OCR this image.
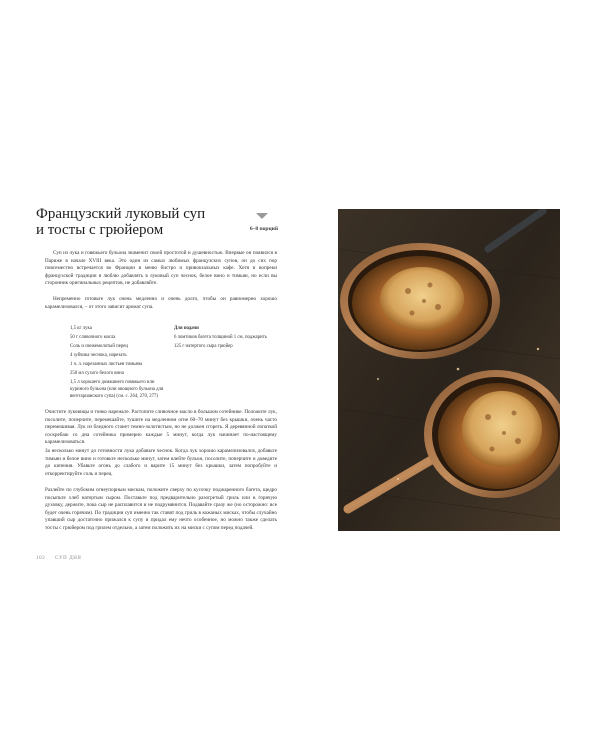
Французский луковый суп
и тосты с грюйером	6–8 порций

Суп из лука и говяжьего бульона знаменит своей простотой и душевностью. Впервые он появился в Париже в начале XVIII века. Это один из самых любимых французских супов, он до сих пор повсеместно встречается во Франции в меню бистро и привокзальных кафе. Хотя и вопреки французской традиции я люблю добавлять в луковый суп чеснок, белое вино и тимьян, но если вы сторонник оригинальных рецептов, не добавляйте.

Непременно готовьте лук очень медленно и очень долго, чтобы он равномерно хорошо карамелизовался, – от этого зависит аромат супа.

1,5 кг лука
50 г сливочного масла
Соль и свежемолотый перец
4 зубчика чеснока, нарезать
1 ч. л. нарезанных листьев тимьяна
250 мл сухого белого вина
1,5 л хорошего домашнего говяжьего или куриного бульона (или овощного бульона для вегетарианского супа) (см. с. 264, 270, 277)
Для подачи
6 ломтиков багета толщиной 1 см, поджарить
125 г натертого сыра грюйер

Очистите луковицы и тонко нарежьте. Растопите сливочное масло в большом сотейнике. Положите лук, посолите, поперчите, перемешайте, тушите на медленном огне 60–70 минут без крышки, очень часто перемешивая. Лук из бледного станет темно-золотистым, но не должен сгореть. Я деревянной лопаткой соскребаю со дна сотейника примерно каждые 5 минут, когда лук начинает по-настоящему карамелизоваться.

За несколько минут до готовности лука добавьте чеснок. Когда лук хорошо карамелизовался, добавьте тимьян и белое вино и готовьте несколько минут, затем влейте бульон, посолите, поперчите и доведите до кипения. Убавьте огонь до слабого и варите 15 минут без крышки, затем попробуйте и откорректируйте соль и перец.

Разлейте по глубоким огнеупорным мискам, положите сверху по кусочку поджаренного багета, щедро посыпьте хлеб натертым сыром. Поставьте под предварительно разогретый гриль или в горячую духовку, держите, пока сыр не расплавится и не подрумянится. Подавайте сразу же (но осторожно: все будет очень горячим). По традиции суп именно так ставят под гриль в кожаных мисках, чтобы случайно упавший сыр достаточно прижался к супу и придал ему нечто особенное, но можно также сделать тосты с грюйером под грилем отдельно, а затем положить их на миски с супом перед подачей.

102 СУП ДНЯ
